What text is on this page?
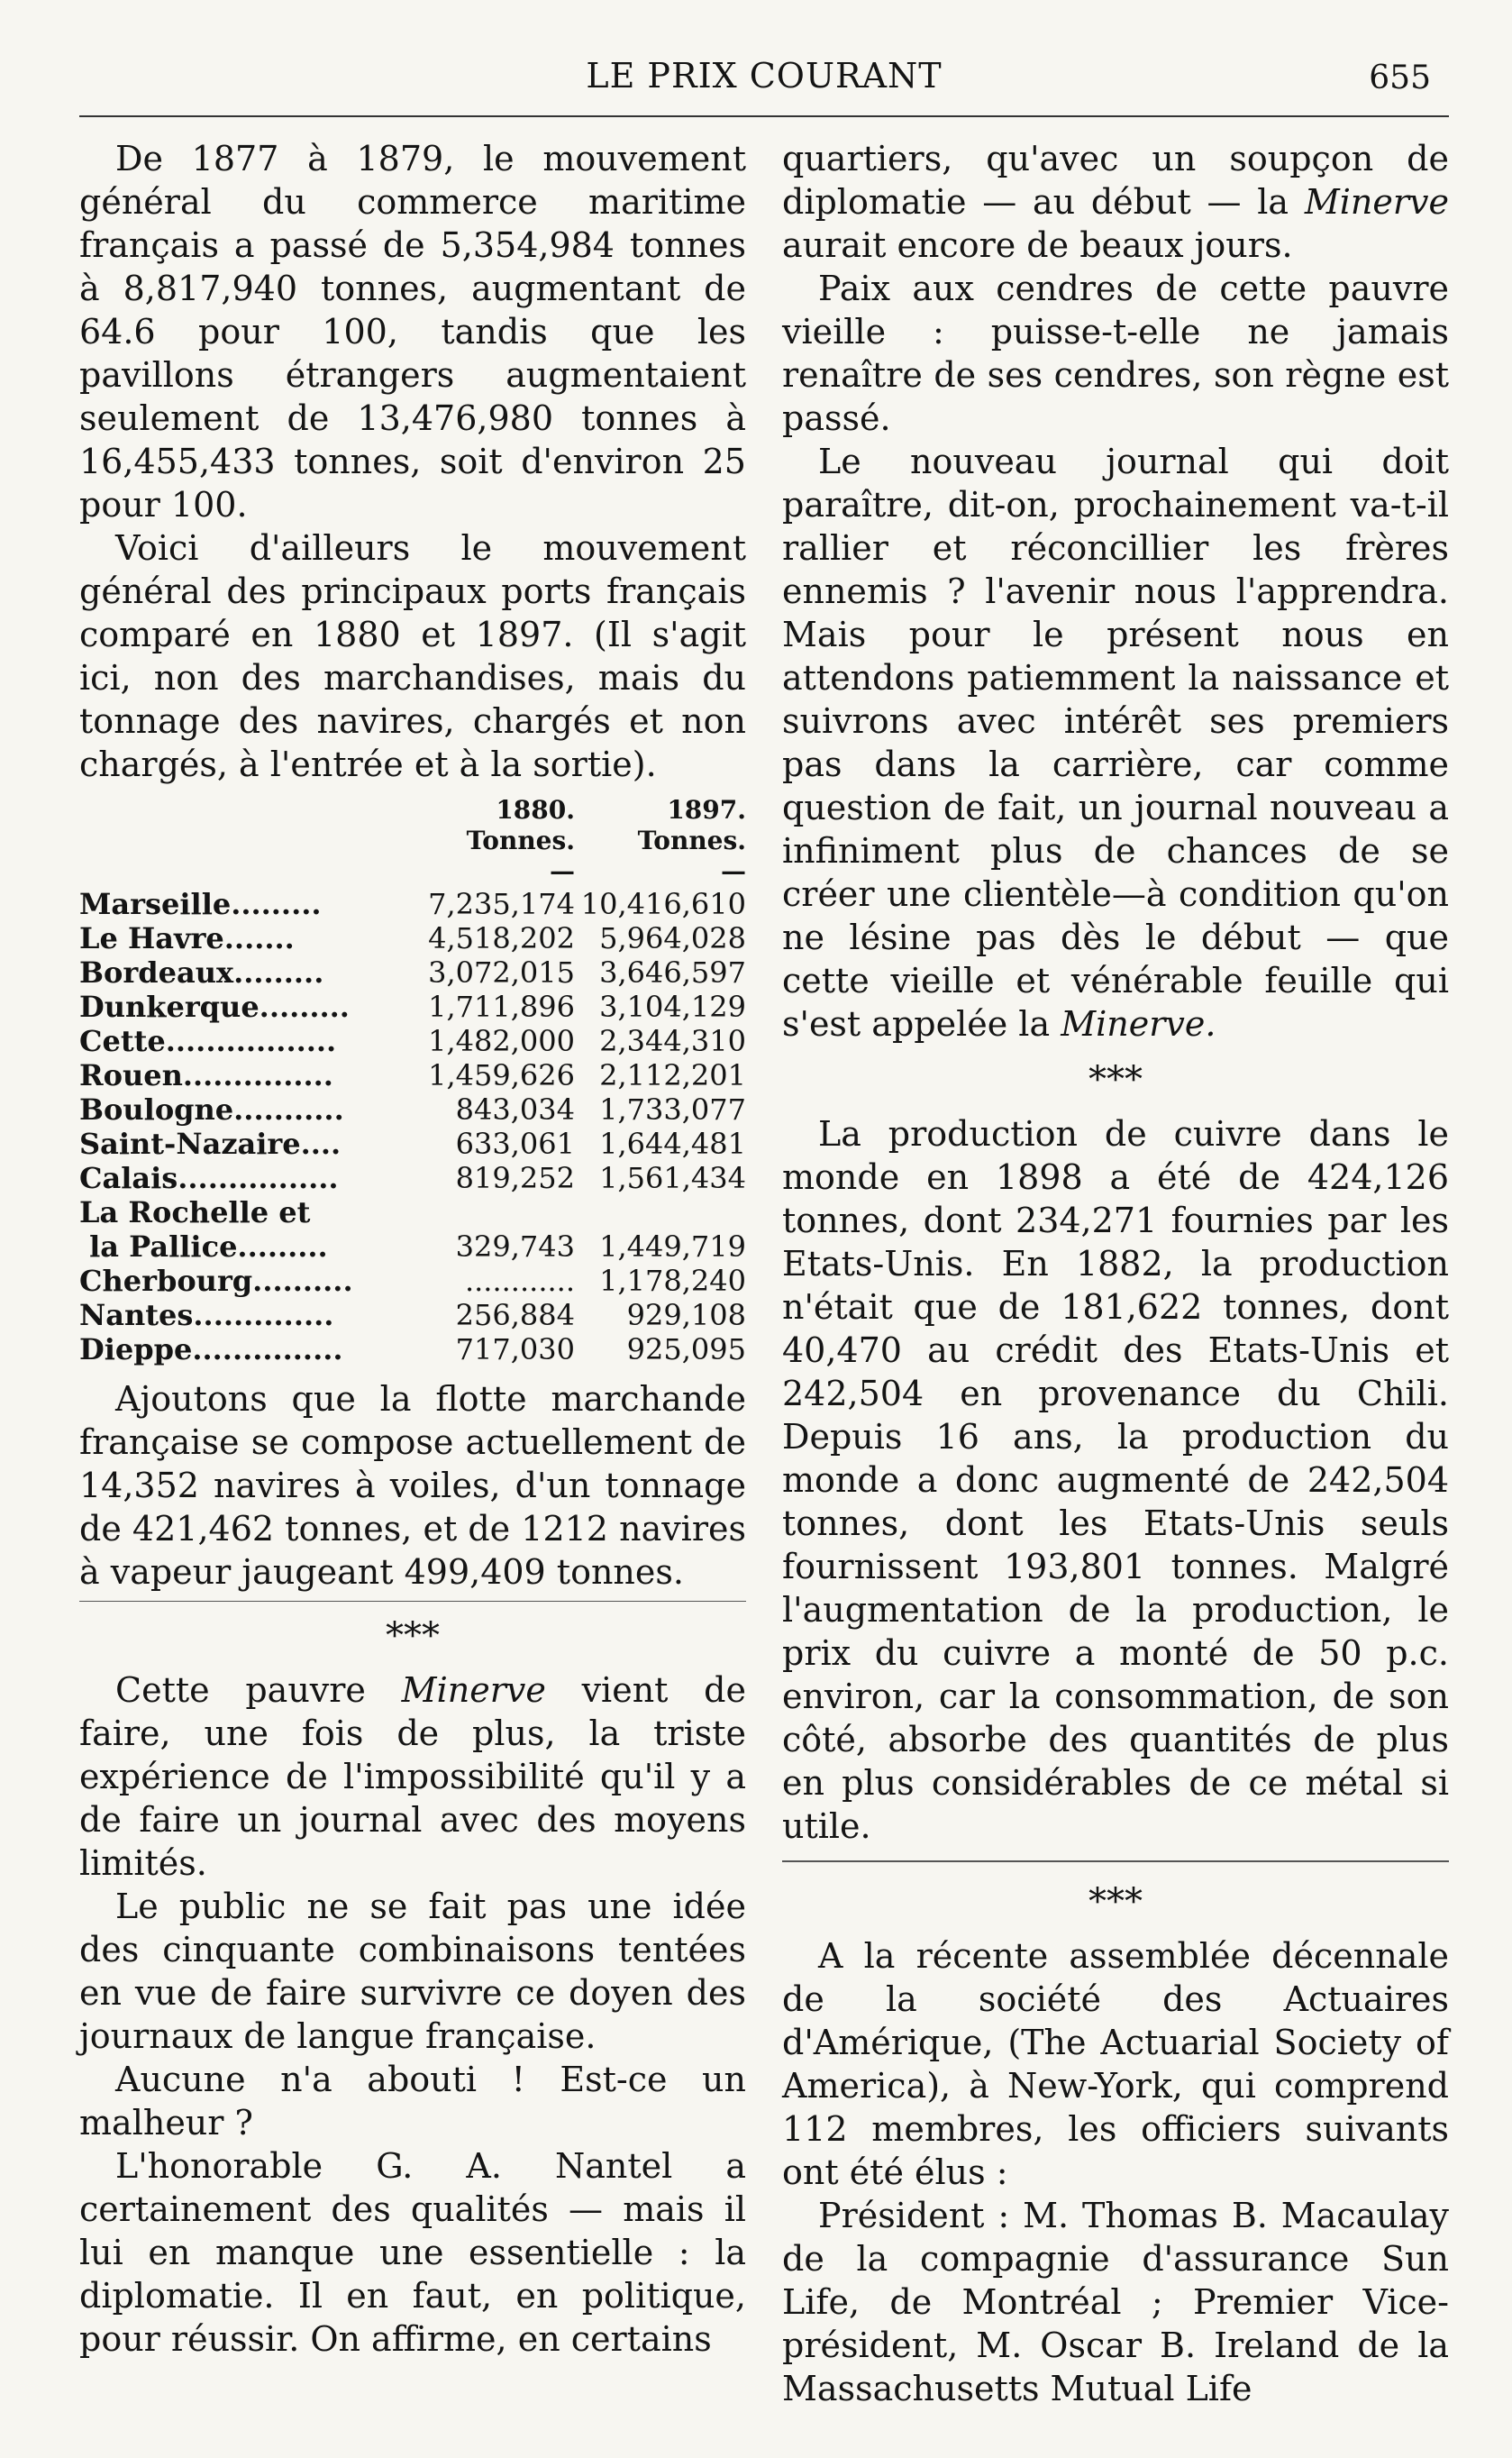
LE PRIX COURANT	655

De 1877 à 1879, le mouvement général du commerce maritime français a passé de 5,354,984 tonnes à 8,817,940 tonnes, augmentant de 64.6 pour 100, tandis que les pavillons étrangers augmentaient seulement de 13,476,980 tonnes à 16,455,433 tonnes, soit d'environ 25 pour 100.

Voici d'ailleurs le mouvement général des principaux ports français comparé en 1880 et 1897. (Il s'agit ici, non des marchandises, mais du tonnage des navires, chargés et non chargés, à l'entrée et à la sortie).

1880.	1897.
Tonnes.	Tonnes.
—	—
Marseille.........	7,235,174 10,416,610
Le Havre.......	4,518,202 5,964,028
Bordeaux.........	3,072,015 3,646,597
Dunkerque.........	1,711,896 3,104,129
Cette.................	1,482,000 2,344,310
Rouen...............	1,459,626 2,112,201
Boulogne...........	843,034 1,733,077
Saint-Nazaire....	633,061 1,644,481
Calais................	819,252 1,561,434
La Rochelle et
la Pallice.........	329,743 1,449,719
Cherbourg..........	............ 1,178,240
Nantes..............	256,884	929,108
Dieppe...............	717,030	925,095

Ajoutons que la flotte marchande française se compose actuellement de 14,352 navires à voiles, d'un tonnage de 421,462 tonnes, et de 1212 navires à vapeur jaugeant 499,409 tonnes.

***

Cette pauvre Minerve vient de faire, une fois de plus, la triste expérience de l'impossibilité qu'il y a de faire un journal avec des moyens limités.

Le public ne se fait pas une idée des cinquante combinaisons tentées en vue de faire survivre ce doyen des journaux de langue française.

Aucune n'a abouti ! Est-ce un malheur ?

L'honorable G. A. Nantel a certainement des qualités — mais il lui en manque une essentielle : la diplomatie. Il en faut, en politique, pour réussir. On affirme, en certains

quartiers, qu'avec un soupçon de diplomatie — au début — la Minerve aurait encore de beaux jours.

Paix aux cendres de cette pauvre vieille : puisse-t-elle ne jamais renaître de ses cendres, son règne est passé.

Le nouveau journal qui doit paraître, dit-on, prochainement va-t-il rallier et réconcillier les frères ennemis ? l'avenir nous l'apprendra. Mais pour le présent nous en attendons patiemment la naissance et suivrons avec intérêt ses premiers pas dans la carrière, car comme question de fait, un journal nouveau a infiniment plus de chances de se créer une clientèle—à condition qu'on ne lésine pas dès le début — que cette vieille et vénérable feuille qui s'est appelée la Minerve.

***

La production de cuivre dans le monde en 1898 a été de 424,126 tonnes, dont 234,271 fournies par les Etats-Unis. En 1882, la production n'était que de 181,622 tonnes, dont 40,470 au crédit des Etats-Unis et 242,504 en provenance du Chili. Depuis 16 ans, la production du monde a donc augmenté de 242,504 tonnes, dont les Etats-Unis seuls fournissent 193,801 tonnes. Malgré l'augmentation de la production, le prix du cuivre a monté de 50 p.c. environ, car la consommation, de son côté, absorbe des quantités de plus en plus considérables de ce métal si utile.

***

A la récente assemblée décennale de la société des Actuaires d'Amérique, (The Actuarial Society of America), à New-York, qui comprend 112 membres, les officiers suivants ont été élus :

Président : M. Thomas B. Macaulay de la compagnie d'assurance Sun Life, de Montréal ; Premier Vice-président, M. Oscar B. Ireland de la Massachusetts Mutual Life
